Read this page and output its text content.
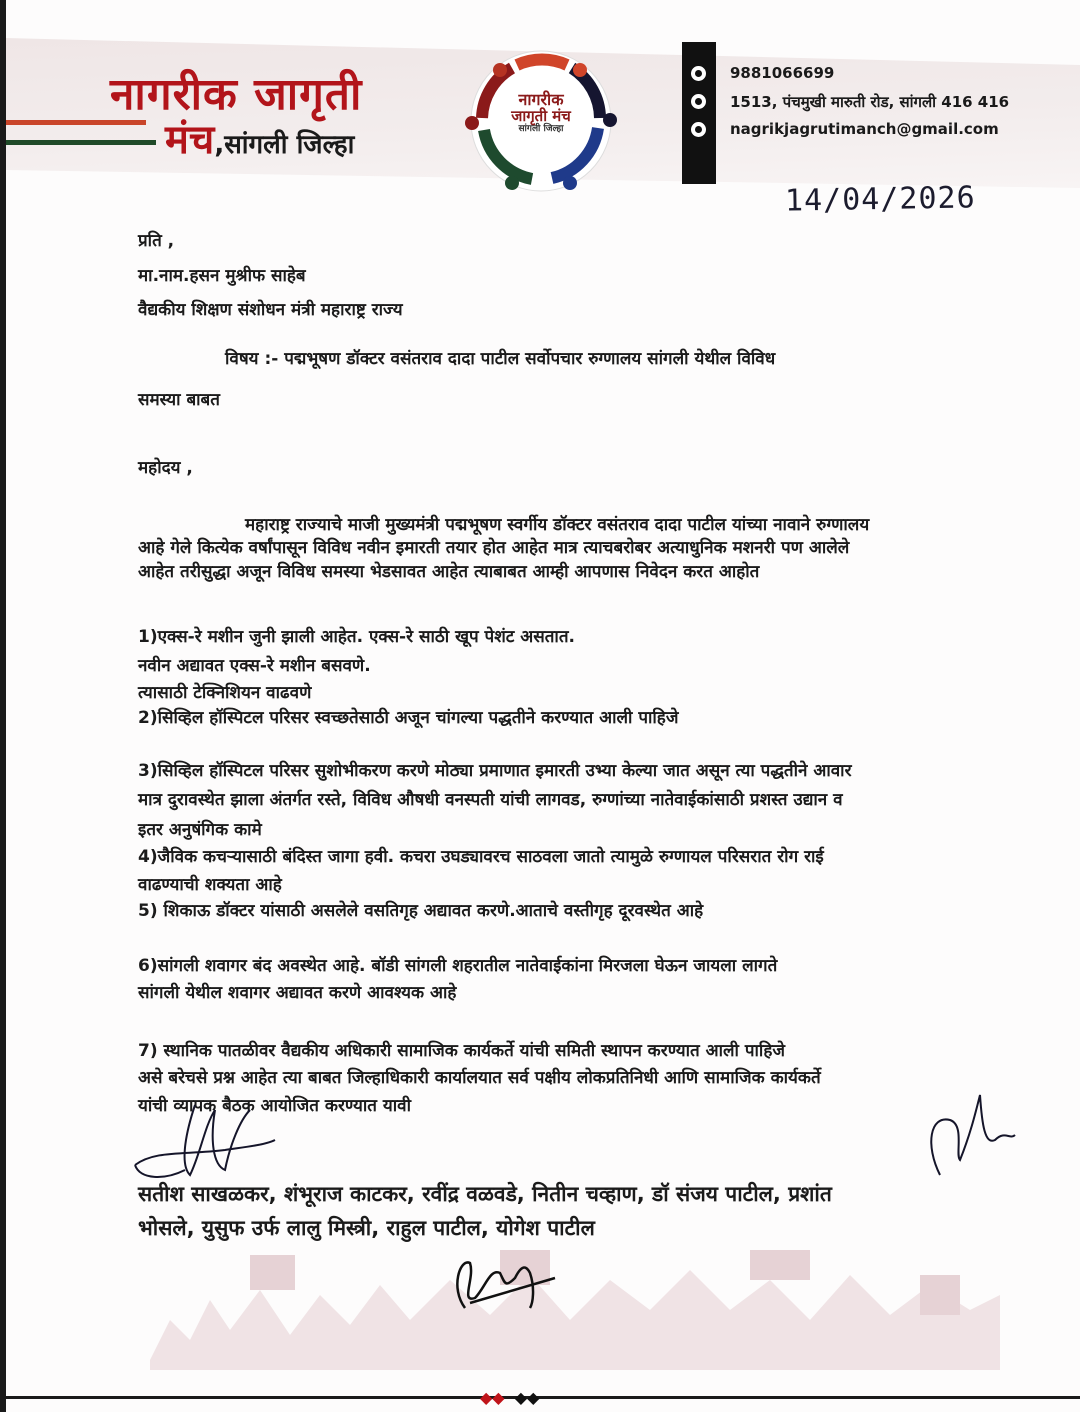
नागरीक जागृती
मंच,सांगली जिल्हा
नागरीक
जागृती मंच
सांगली जिल्हा
9881066699
1513, पंचमुखी मारुती रोड, सांगली 416 416
nagrikjagrutimanch@gmail.com
14/04/2026
प्रति ,
मा.नाम.हसन मुश्रीफ साहेब
वैद्यकीय शिक्षण संशोधन मंत्री महाराष्ट्र राज्य
विषय :- पद्मभूषण डॉक्टर वसंतराव दादा पाटील सर्वोपचार रुग्णालय सांगली येथील विविध
समस्या बाबत
महोदय ,
महाराष्ट्र राज्याचे माजी मुख्यमंत्री पद्मभूषण स्वर्गीय डॉक्टर वसंतराव दादा पाटील यांच्या नावाने रुग्णालय
आहे गेले कित्येक वर्षांपासून विविध नवीन इमारती तयार होत आहेत मात्र त्याचबरोबर अत्याधुनिक मशनरी पण आलेले
आहेत तरीसुद्धा अजून विविध समस्या भेडसावत आहेत त्याबाबत आम्ही आपणास निवेदन करत आहोत
1)एक्स-रे मशीन जुनी झाली आहेत. एक्स-रे साठी खूप पेशंट असतात.
नवीन अद्यावत एक्स-रे मशीन बसवणे.
त्यासाठी टेक्निशियन वाढवणे
2)सिव्हिल हॉस्पिटल परिसर स्वच्छतेसाठी अजून चांगल्या पद्धतीने करण्यात आली पाहिजे
3)सिव्हिल हॉस्पिटल परिसर सुशोभीकरण करणे मोठ्या प्रमाणात इमारती उभ्या केल्या जात असून त्या पद्धतीने आवार
मात्र दुरावस्थेत झाला अंतर्गत रस्ते, विविध औषधी वनस्पती यांची लागवड, रुग्णांच्या नातेवाईकांसाठी प्रशस्त उद्यान व
इतर अनुषंगिक कामे
4)जैविक कचऱ्यासाठी बंदिस्त जागा हवी. कचरा उघड्यावरच साठवला जातो त्यामुळे रुग्णायल परिसरात रोग राई
वाढण्याची शक्यता आहे
5) शिकाऊ डॉक्टर यांसाठी असलेले वसतिगृह अद्यावत करणे.आताचे वस्तीगृह दूरवस्थेत आहे
6)सांगली शवागर बंद अवस्थेत आहे. बॉडी सांगली शहरातील नातेवाईकांना मिरजला घेऊन जायला लागते
सांगली येथील शवागर अद्यावत करणे आवश्यक आहे
7) स्थानिक पातळीवर वैद्यकीय अधिकारी सामाजिक कार्यकर्ते यांची समिती स्थापन करण्यात आली पाहिजे
असे बरेचसे प्रश्न आहेत त्या बाबत जिल्हाधिकारी कार्यालयात सर्व पक्षीय लोकप्रतिनिधी आणि सामाजिक कार्यकर्ते
यांची व्यापक बैठक आयोजित करण्यात यावी
सतीश साखळकर, शंभूराज काटकर, रवींद्र वळवडे, नितीन चव्हाण, डॉ संजय पाटील, प्रशांत
भोसले, युसुफ उर्फ लालु मिस्त्री, राहुल पाटील, योगेश पाटील
◆◆ ◆◆
